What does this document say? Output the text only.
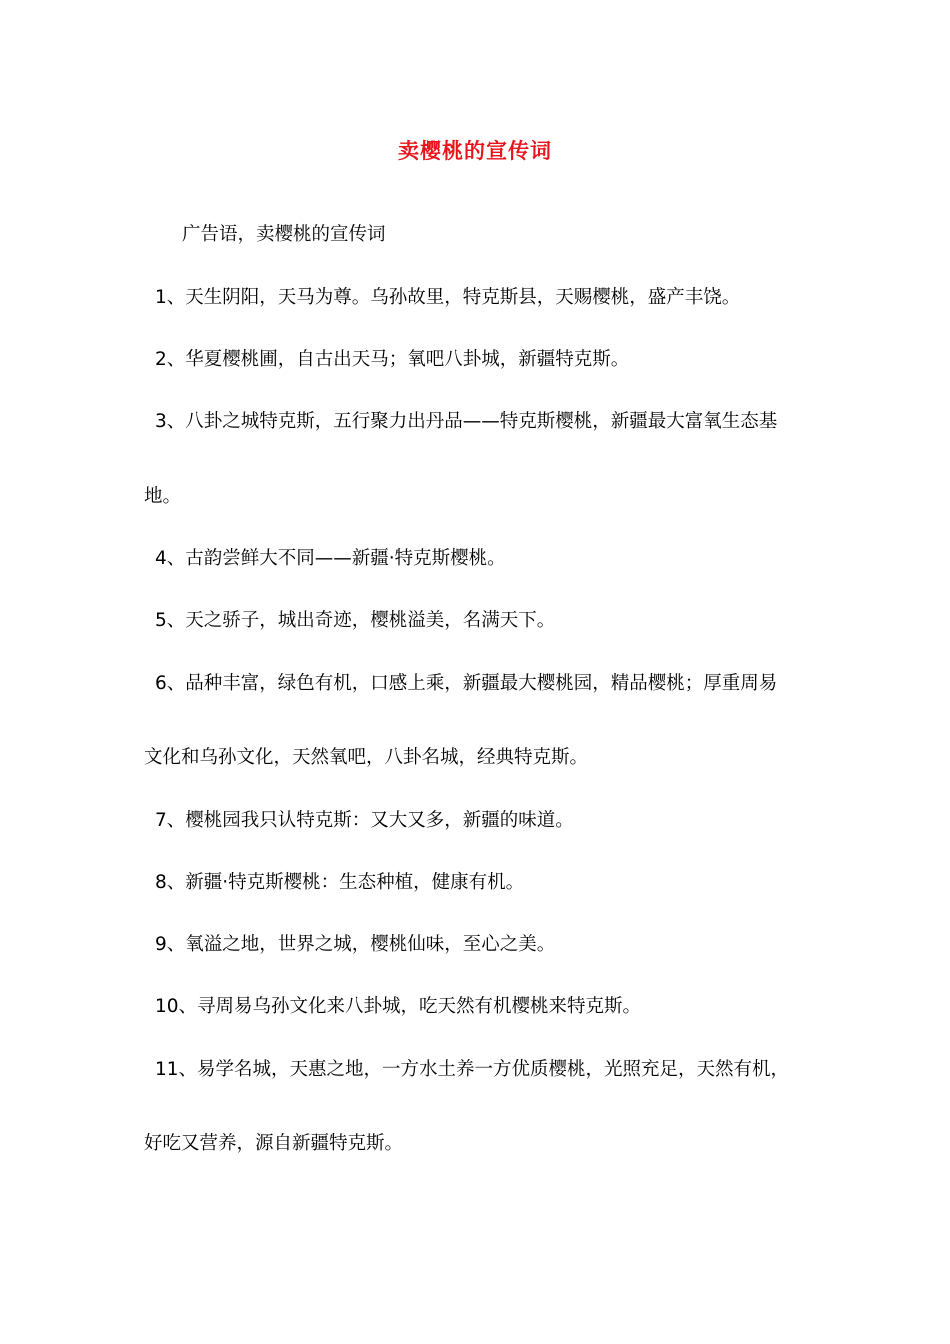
卖樱桃的宣传词
广告语，卖樱桃的宣传词
1、天生阴阳，天马为尊。乌孙故里，特克斯县，天赐樱桃，盛产丰饶。
2、华夏樱桃圃，自古出天马；氧吧八卦城，新疆特克斯。
3、八卦之城特克斯，五行聚力出丹品——特克斯樱桃，新疆最大富氧生态基
地。
4、古韵尝鲜大不同——新疆·特克斯樱桃。
5、天之骄子，城出奇迹，樱桃溢美，名满天下。
6、品种丰富，绿色有机，口感上乘，新疆最大樱桃园，精品樱桃；厚重周易
文化和乌孙文化，天然氧吧，八卦名城，经典特克斯。
7、樱桃园我只认特克斯：又大又多，新疆的味道。
8、新疆·特克斯樱桃：生态种植，健康有机。
9、氧溢之地，世界之城，樱桃仙味，至心之美。
10、寻周易乌孙文化来八卦城，吃天然有机樱桃来特克斯。
11、易学名城，天惠之地，一方水土养一方优质樱桃，光照充足，天然有机，
好吃又营养，源自新疆特克斯。
